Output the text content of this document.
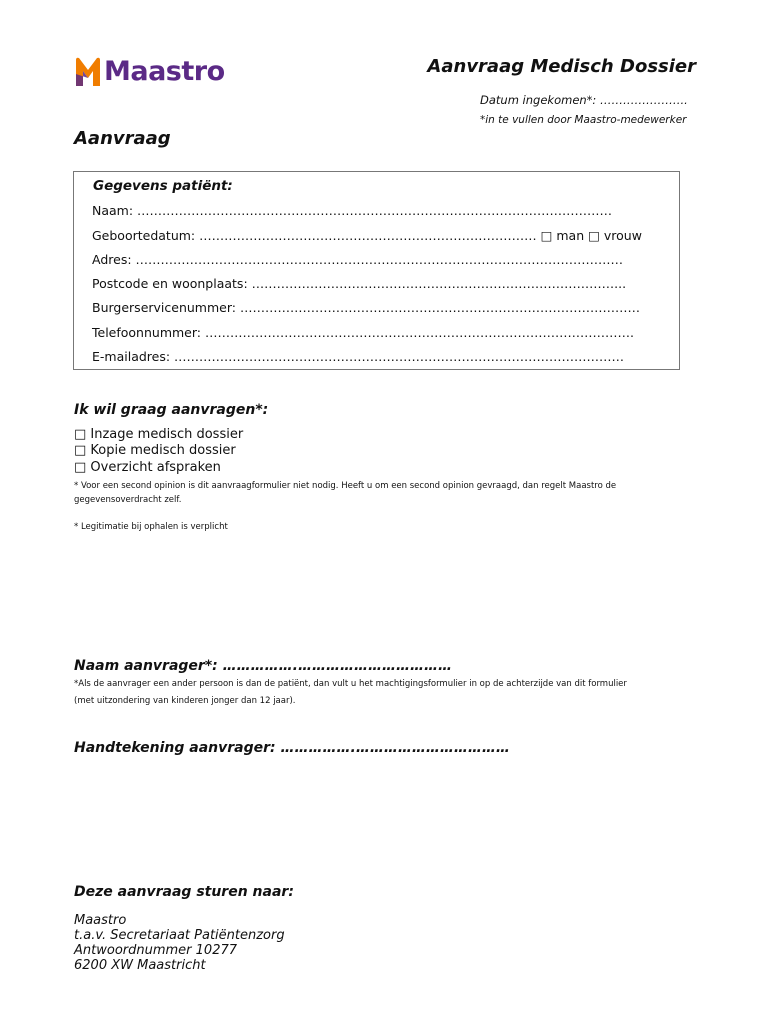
Maastro	Aanvraag Medisch Dossier
Datum ingekomen*: …………………..
*in te vullen door Maastro-medewerker
Aanvraag
Gegevens patiënt:
Naam: ……………………………………………………………………………………………………
Geboortedatum: ……………………………………………………………………… □ man □ vrouw
Adres: ………………………………………………………………………………………………………
Postcode en woonplaats: ……………………………………………………………………………...
Burgerservicenummer: ……………………………………………………………………………………
Telefoonnummer: ………………………………………………………………………………………….
E-mailadres: ………………………………………………………………………………………………
Ik wil graag aanvragen*:
□ Inzage medisch dossier
□ Kopie medisch dossier
□ Overzicht afspraken
* Voor een second opinion is dit aanvraagformulier niet nodig. Heeft u om een second opinion gevraagd, dan regelt Maastro de gegevensoverdracht zelf.
* Legitimatie bij ophalen is verplicht
Naam aanvrager*: …………….……………………………
*Als de aanvrager een ander persoon is dan de patiënt, dan vult u het machtigingsformulier in op de achterzijde van dit formulier
(met uitzondering van kinderen jonger dan 12 jaar).
Handtekening aanvrager: …………….……………………………
Deze aanvraag sturen naar:
Maastro
t.a.v. Secretariaat Patiëntenzorg
Antwoordnummer 10277
6200 XW Maastricht
